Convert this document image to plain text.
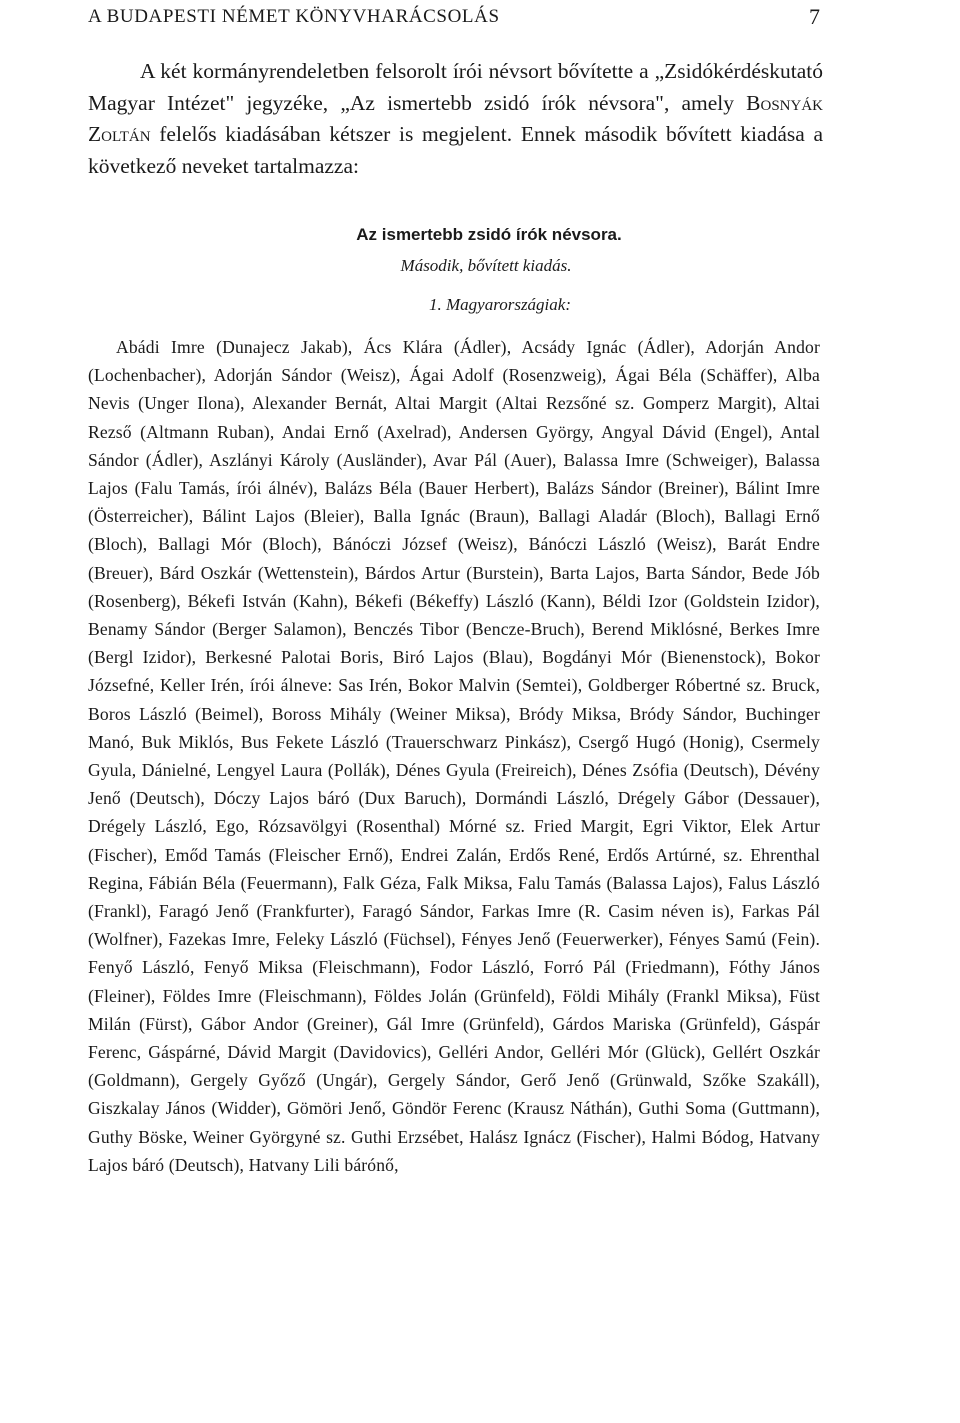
A BUDAPESTI NÉMET KÖNYVHARÁCSOLÁS	7

A két kormányrendeletben felsorolt írói névsort bővítette a „Zsidókérdéskutató Magyar Intézet" jegyzéke, „Az ismertebb zsidó írók névsora", amely Bosnyák Zoltán felelős kiadásában kétszer is megjelent. Ennek második bővített kiadása a következő neveket tartalmazza:

Az ismertebb zsidó írók névsora.
Második, bővített kiadás.
1. Magyarországiak:

Abádi Imre (Dunajecz Jakab), Ács Klára (Ádler), Acsády Ignác (Ádler), Adorján Andor (Lochenbacher), Adorján Sándor (Weisz), Ágai Adolf (Rosenzweig), Ágai Béla (Schäffer), Alba Nevis (Unger Ilona), Alexander Bernát, Altai Margit (Altai Rezsőné sz. Gomperz Margit), Altai Rezső (Altmann Ruban), Andai Ernő (Axelrad), Andersen György, Angyal Dávid (Engel), Antal Sándor (Ádler), Aszlányi Károly (Ausländer), Avar Pál (Auer), Balassa Imre (Schweiger), Balassa Lajos (Falu Tamás, írói álnév), Balázs Béla (Bauer Herbert), Balázs Sándor (Breiner), Bálint Imre (Österreicher), Bálint Lajos (Bleier), Balla Ignác (Braun), Ballagi Aladár (Bloch), Ballagi Ernő (Bloch), Ballagi Mór (Bloch), Bánóczi József (Weisz), Bánóczi László (Weisz), Barát Endre (Breuer), Bárd Oszkár (Wettenstein), Bárdos Artur (Burstein), Barta Lajos, Barta Sándor, Bede Jób (Rosenberg), Békefi István (Kahn), Békefi (Békeffy) László (Kann), Béldi Izor (Goldstein Izidor), Benamy Sándor (Berger Salamon), Benczés Tibor (Bencze-Bruch), Berend Miklósné, Berkes Imre (Bergl Izidor), Berkesné Palotai Boris, Biró Lajos (Blau), Bogdányi Mór (Bienenstock), Bokor Józsefné, Keller Irén, írói álneve: Sas Irén, Bokor Malvin (Semtei), Goldberger Róbertné sz. Bruck, Boros László (Beimel), Boross Mihály (Weiner Miksa), Bródy Miksa, Bródy Sándor, Buchinger Manó, Buk Miklós, Bus Fekete László (Trauerschwarz Pinkász), Csergő Hugó (Honig), Csermely Gyula, Dánielné, Lengyel Laura (Pollák), Dénes Gyula (Freireich), Dénes Zsófia (Deutsch), Dévény Jenő (Deutsch), Dóczy Lajos báró (Dux Baruch), Dormándi László, Drégely Gábor (Dessauer), Drégely László, Ego, Rózsavölgyi (Rosenthal) Mórné sz. Fried Margit, Egri Viktor, Elek Artur (Fischer), Emőd Tamás (Fleischer Ernő), Endrei Zalán, Erdős René, Erdős Artúrné, sz. Ehrenthal Regina, Fábián Béla (Feuermann), Falk Géza, Falk Miksa, Falu Tamás (Balassa Lajos), Falus László (Frankl), Faragó Jenő (Frankfurter), Faragó Sándor, Farkas Imre (R. Casim néven is), Farkas Pál (Wolfner), Fazekas Imre, Feleky László (Füchsel), Fényes Jenő (Feuerwerker), Fényes Samú (Fein). Fenyő László, Fenyő Miksa (Fleischmann), Fodor László, Forró Pál (Friedmann), Fóthy János (Fleiner), Földes Imre (Fleischmann), Földes Jolán (Grünfeld), Földi Mihály (Frankl Miksa), Füst Milán (Fürst), Gábor Andor (Greiner), Gál Imre (Grünfeld), Gárdos Mariska (Grünfeld), Gáspár Ferenc, Gáspárné, Dávid Margit (Davidovics), Gelléri Andor, Gelléri Mór (Glück), Gellért Oszkár (Goldmann), Gergely Győző (Ungár), Gergely Sándor, Gerő Jenő (Grünwald, Szőke Szakáll), Giszkalay János (Widder), Gömöri Jenő, Göndör Ferenc (Krausz Náthán), Guthi Soma (Guttmann), Guthy Böske, Weiner Györgyné sz. Guthi Erzsébet, Halász Ignácz (Fischer), Halmi Bódog, Hatvany Lajos báró (Deutsch), Hatvany Lili bárónő,
